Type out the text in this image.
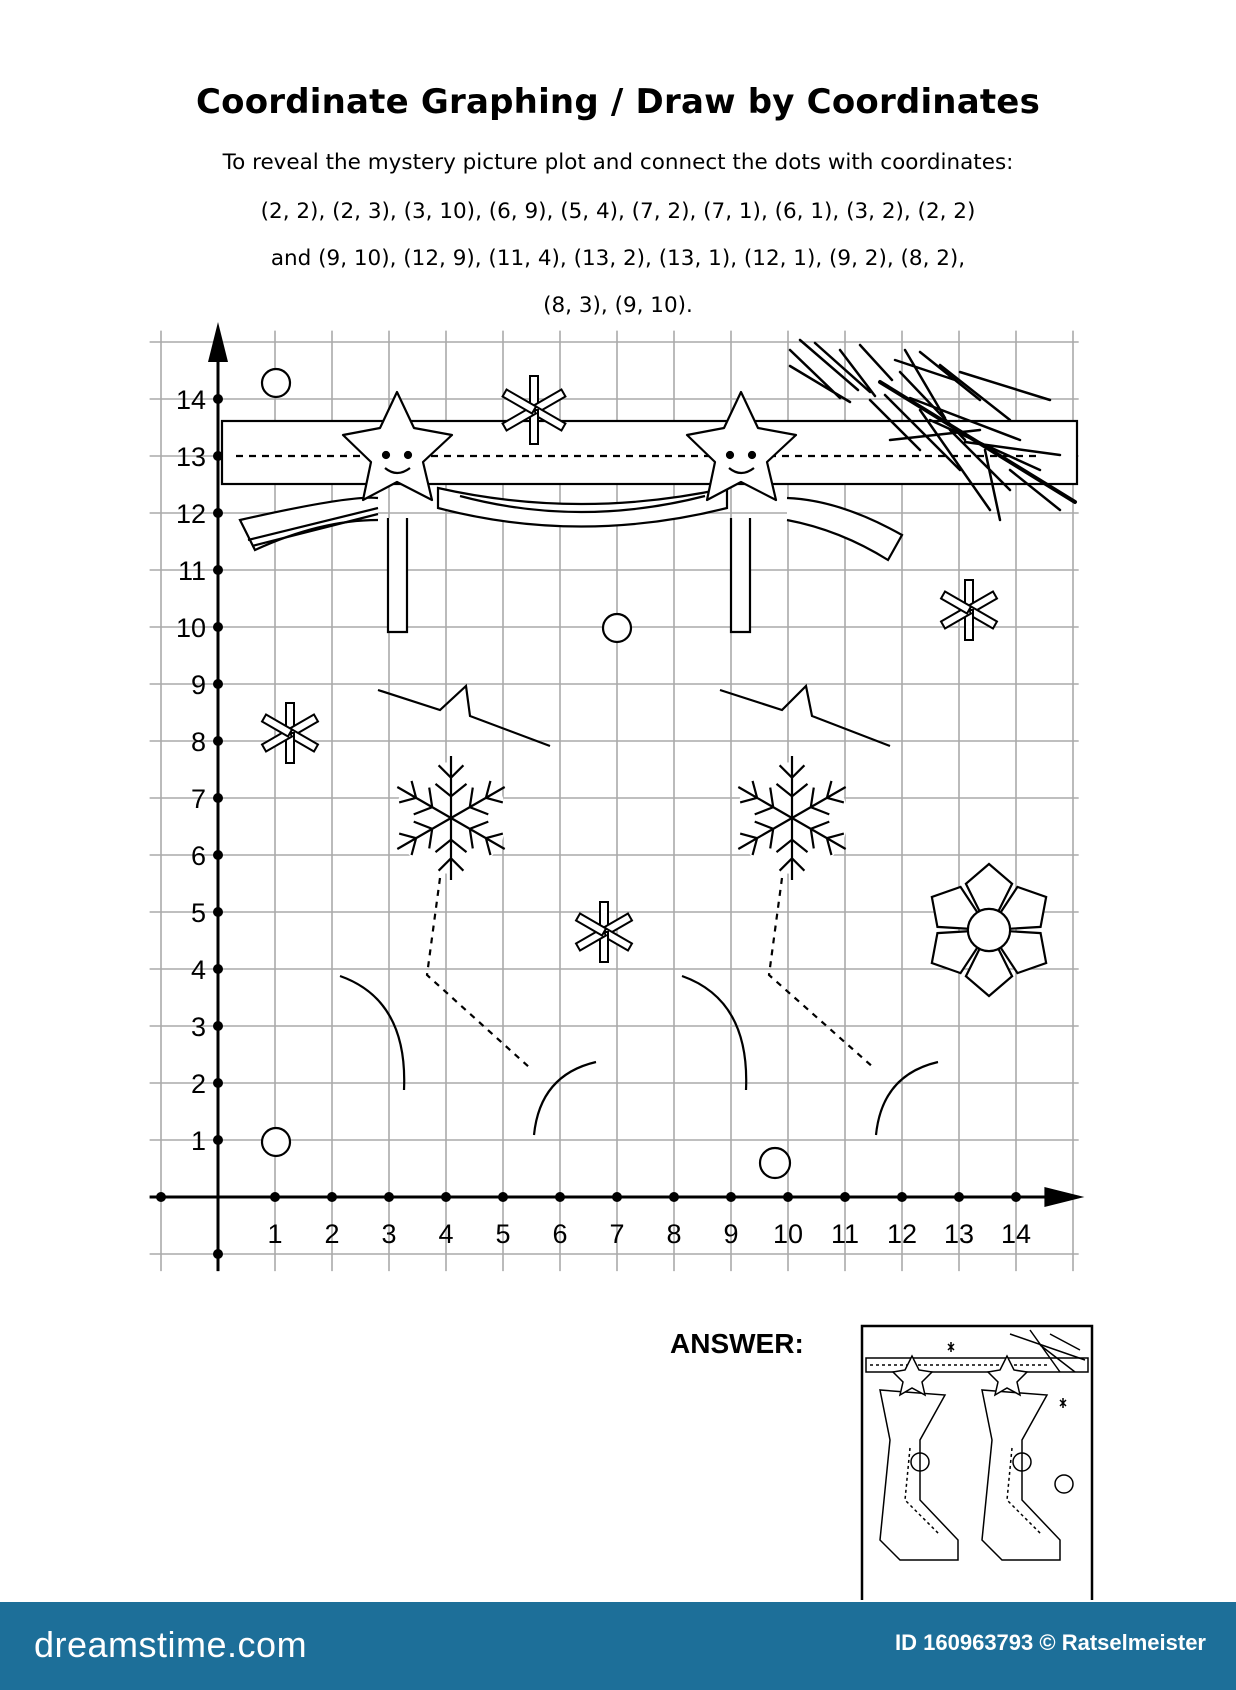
Coordinate Graphing / Draw by Coordinates
To reveal the mystery picture plot and connect the dots with coordinates:
(2, 2), (2, 3), (3, 10), (6, 9), (5, 4), (7, 2), (7, 1), (6, 1), (3, 2), (2, 2)
and (9, 10), (12, 9), (11, 4), (13, 2), (13, 1), (12, 1), (9, 2), (8, 2),
(8, 3), (9, 10).
1 2 3 4 5 6 7 8 9 10 11 12 13 14
1
2
3
4
5
6
7
8
9
10
11
12
13
14
ANSWER:
dreamstime.com	ID 160963793 © Ratselmeister
